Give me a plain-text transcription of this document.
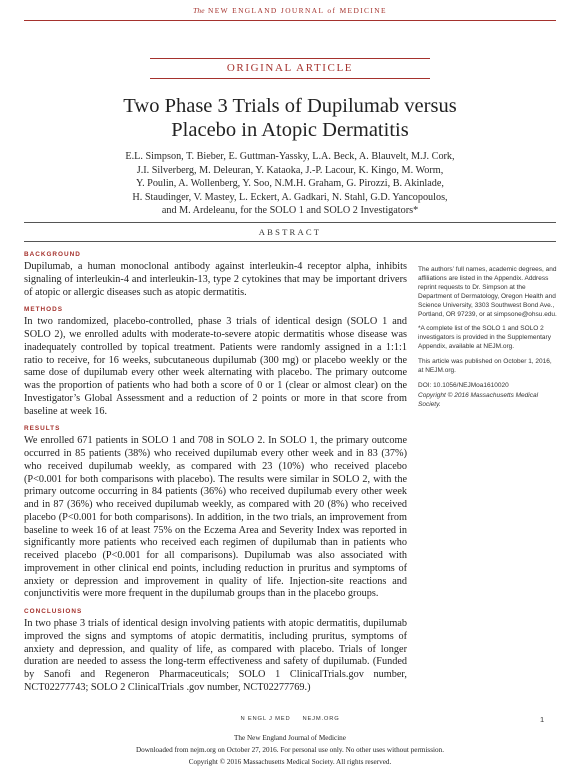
The NEW ENGLAND JOURNAL of MEDICINE
ORIGINAL ARTICLE
Two Phase 3 Trials of Dupilumab versus
Placebo in Atopic Dermatitis
E.L. Simpson, T. Bieber, E. Guttman-Yassky, L.A. Beck, A. Blauvelt, M.J. Cork,
J.I. Silverberg, M. Deleuran, Y. Kataoka, J.-P. Lacour, K. Kingo, M. Worm,
Y. Poulin, A. Wollenberg, Y. Soo, N.M.H. Graham, G. Pirozzi, B. Akinlade,
H. Staudinger, V. Mastey, L. Eckert, A. Gadkari, N. Stahl, G.D. Yancopoulos,
and M. Ardeleanu, for the SOLO 1 and SOLO 2 Investigators*
ABSTRACT
BACKGROUND

Dupilumab, a human monoclonal antibody against interleukin-4 receptor alpha, inhibits signaling of interleukin-4 and interleukin-13, type 2 cytokines that may be important drivers of atopic or allergic diseases such as atopic dermatitis.

METHODS

In two randomized, placebo-controlled, phase 3 trials of identical design (SOLO 1 and SOLO 2), we enrolled adults with moderate-to-severe atopic dermatitis whose disease was inadequately controlled by topical treatment. Patients were randomly assigned in a 1:1:1 ratio to receive, for 16 weeks, subcutaneous dupilumab (300 mg) or placebo weekly or the same dose of dupilumab every other week alternating with placebo. The primary outcome was the proportion of patients who had both a score of 0 or 1 (clear or almost clear) on the Investigator’s Global Assessment and a reduction of 2 points or more in that score from baseline at week 16.

RESULTS

We enrolled 671 patients in SOLO 1 and 708 in SOLO 2. In SOLO 1, the primary outcome occurred in 85 patients (38%) who received dupilumab every other week and in 83 (37%) who received dupilumab weekly, as compared with 23 (10%) who received placebo (P<0.001 for both comparisons with placebo). The results were similar in SOLO 2, with the primary outcome occurring in 84 patients (36%) who received dupilumab every other week and in 87 (36%) who received dupilumab weekly, as compared with 20 (8%) who received placebo (P<0.001 for both comparisons). In addition, in the two trials, an improvement from baseline to week 16 of at least 75% on the Eczema Area and Severity Index was reported in significantly more patients who received each regimen of dupilumab than in patients who received placebo (P<0.001 for all comparisons). Dupilumab was also associated with improvement in other clinical end points, including reduction in pruritus and symptoms of anxiety or depression and improvement in quality of life. Injection-site reactions and conjunctivitis were more frequent in the dupilumab groups than in the placebo groups.

CONCLUSIONS

In two phase 3 trials of identical design involving patients with atopic dermatitis, dupilumab improved the signs and symptoms of atopic dermatitis, including pruritus, symptoms of anxiety and depression, and quality of life, as compared with placebo. Trials of longer duration are needed to assess the long-term effectiveness and safety of dupilumab. (Funded by Sanofi and Regeneron Pharmaceuticals; SOLO 1 ClinicalTrials.gov number, NCT02277743; SOLO 2 ClinicalTrials .gov number, NCT02277769.)

The authors’ full names, academic degrees, and affiliations are listed in the Appendix. Address reprint requests to Dr. Simpson at the Department of Dermatology, Oregon Health and Science University, 3303 Southwest Bond Ave., Portland, OR 97239, or at simpsone@ohsu.edu.

*A complete list of the SOLO 1 and SOLO 2 investigators is provided in the Supplementary Appendix, available at NEJM.org.

This article was published on October 1, 2016, at NEJM.org.

DOI: 10.1056/NEJMoa1610020

Copyright © 2016 Massachusetts Medical Society.

N ENGL J MED     NEJM.ORG	1
The New England Journal of Medicine
Downloaded from nejm.org on October 27, 2016. For personal use only. No other uses without permission.
Copyright © 2016 Massachusetts Medical Society. All rights reserved.
